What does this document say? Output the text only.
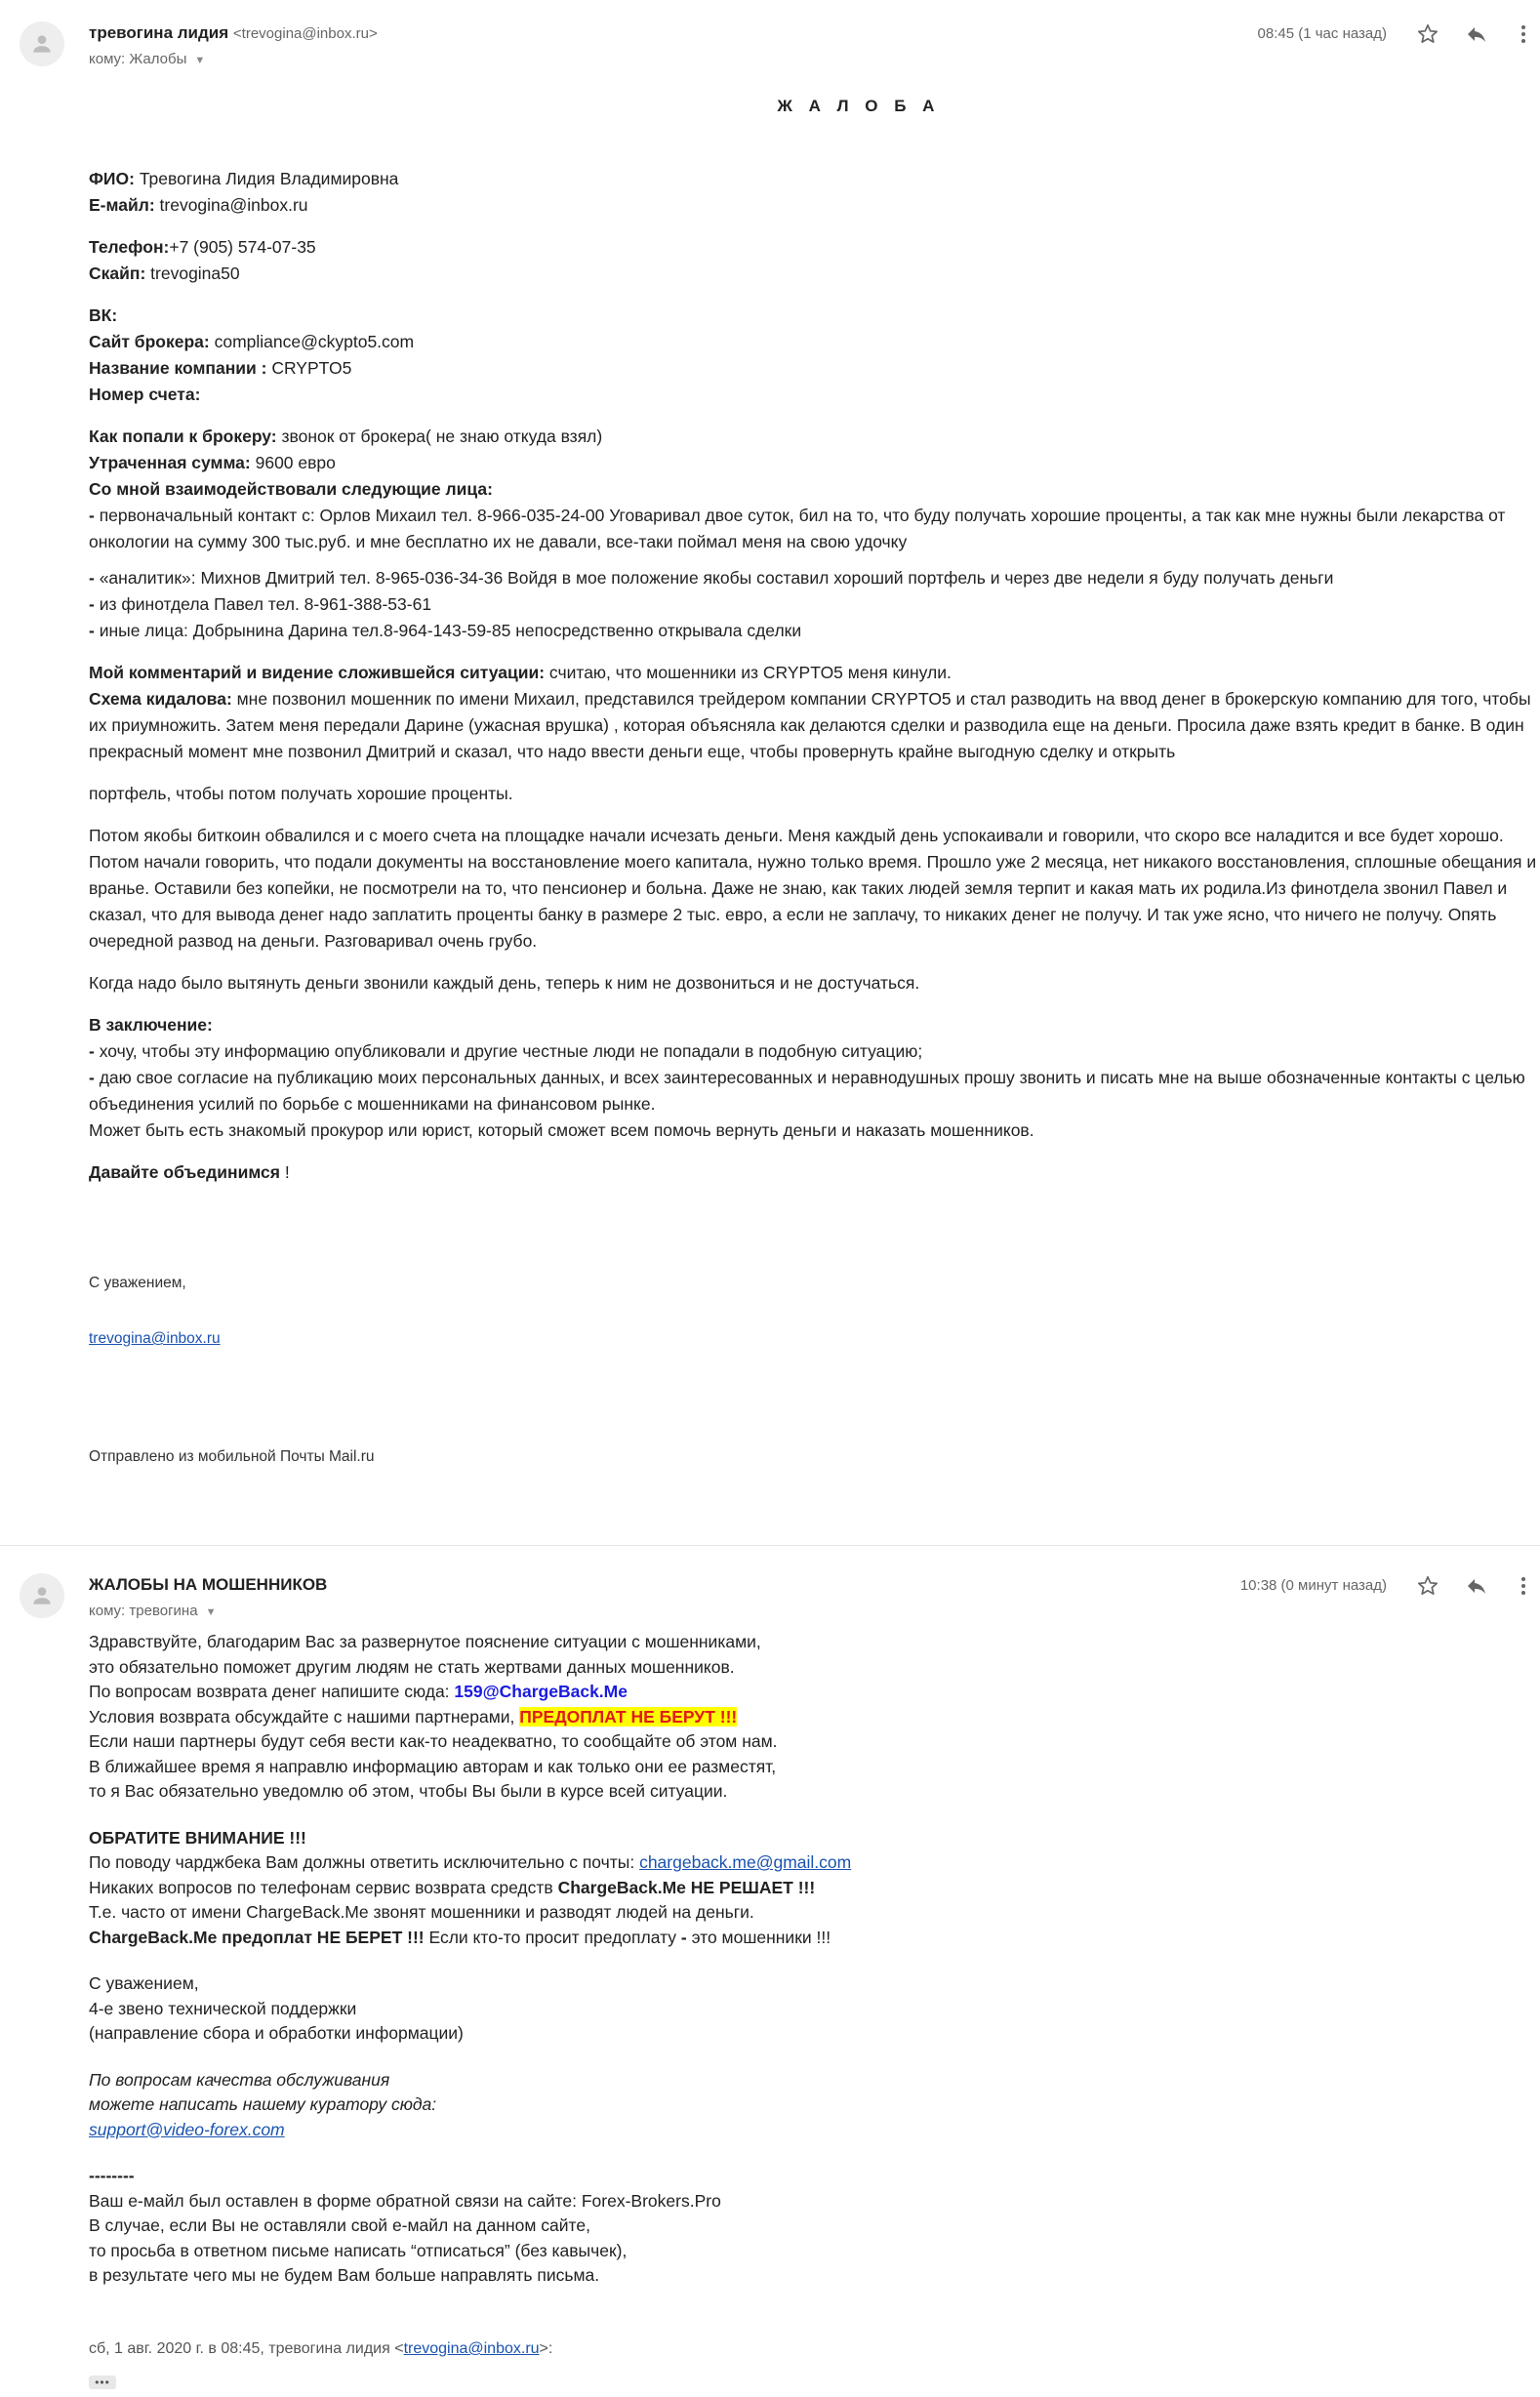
тревогина лидия <trevogina@inbox.ru>
кому: Жалобы ▼
08:45 (1 час назад)

Ж А Л О Б А

ФИО: Тревогина Лидия Владимировна

Е-майл: trevogina@inbox.ru

Телефон:+7 (905) 574-07-35

Скайп: trevogina50

ВК:

Сайт брокера: compliance@ckypto5.com

Название компании : CRYPTO5

Номер счета:

Как попали к брокеру: звонок от брокера( не знаю откуда взял)

Утраченная сумма: 9600 евро

Со мной взаимодействовали следующие лица:

- первоначальный контакт с: Орлов Михаил тел. 8-966-035-24-00 Уговаривал двое суток, бил на то, что буду получать хорошие проценты, а так как мне нужны были лекарства от онкологии на сумму 300 тыс.руб. и мне бесплатно их не давали, все-таки поймал меня на свою удочку

- «аналитик»: Михнов Дмитрий тел. 8-965-036-34-36 Войдя в мое положение якобы составил хороший портфель и через две недели я буду получать деньги

- из финотдела Павел тел. 8-961-388-53-61

- иные лица: Добрынина Дарина тел.8-964-143-59-85 непосредственно открывала сделки

Мой комментарий и видение сложившейся ситуации: считаю, что мошенники из CRYPTO5 меня кинули.

Схема кидалова: мне позвонил мошенник по имени Михаил, представился трейдером компании CRYPTO5 и стал разводить на ввод денег в брокерскую компанию для того, чтобы их приумножить. Затем меня передали Дарине (ужасная врушка) , которая объясняла как делаются сделки и разводила еще на деньги. Просила даже взять кредит в банке. В один прекрасный момент мне позвонил Дмитрий и сказал, что надо ввести деньги еще, чтобы провернуть крайне выгодную сделку и открыть

портфель, чтобы потом получать хорошие проценты.

Потом якобы биткоин обвалился и с моего счета на площадке начали исчезать деньги. Меня каждый день успокаивали и говорили, что скоро все наладится и все будет хорошо. Потом начали говорить, что подали документы на восстановление моего капитала, нужно только время. Прошло уже 2 месяца, нет никакого восстановления, сплошные обещания и вранье. Оставили без копейки, не посмотрели на то, что пенсионер и больна. Даже не знаю, как таких людей земля терпит и какая мать их родила.Из финотдела звонил Павел и сказал, что для вывода денег надо заплатить проценты банку в размере 2 тыс. евро, а если не заплачу, то никаких денег не получу. И так уже ясно, что ничего не получу. Опять очередной развод на деньги. Разговаривал очень грубо.

Когда надо было вытянуть деньги звонили каждый день, теперь к ним не дозвониться и не достучаться.

В заключение:

- хочу, чтобы эту информацию опубликовали и другие честные люди не попадали в подобную ситуацию;

- даю свое согласие на публикацию моих персональных данных, и всех заинтересованных и неравнодушных прошу звонить и писать мне на выше обозначенные контакты с целью объединения усилий по борьбе с мошенниками на финансовом рынке.

Может быть есть знакомый прокурор или юрист, который сможет всем помочь вернуть деньги и наказать мошенников.

Давайте объединимся !

С уважением,

trevogina@inbox.ru

Отправлено из мобильной Почты Mail.ru

ЖАЛОБЫ НА МОШЕННИКОВ
кому: тревогина ▼
10:38 (0 минут назад)

Здравствуйте, благодарим Вас за развернутое пояснение ситуации с мошенниками,

это обязательно поможет другим людям не стать жертвами данных мошенников.

По вопросам возврата денег напишите сюда: 159@ChargeBack.Me

Условия возврата обсуждайте с нашими партнерами, ПРЕДОПЛАТ НЕ БЕРУТ !!!

Если наши партнеры будут себя вести как-то неадекватно, то сообщайте об этом нам.

В ближайшее время я направлю информацию авторам и как только они ее разместят,

то я Вас обязательно уведомлю об этом, чтобы Вы были в курсе всей ситуации.

ОБРАТИТЕ ВНИМАНИЕ !!!

По поводу чарджбека Вам должны ответить исключительно с почты: chargeback.me@gmail.com

Никаких вопросов по телефонам сервис возврата средств ChargeBack.Me НЕ РЕШАЕТ !!!

Т.е. часто от имени ChargeBack.Me звонят мошенники и разводят людей на деньги.

ChargeBack.Me предоплат НЕ БЕРЕТ !!! Если кто-то просит предоплату - это мошенники !!!

С уважением,

4-е звено технической поддержки

(направление сбора и обработки информации)

По вопросам качества обслуживания

можете написать нашему куратору сюда:

support@video-forex.com

--------

Ваш е-майл был оставлен в форме обратной связи на сайте: Forex-Brokers.Pro

В случае, если Вы не оставляли свой е-майл на данном сайте,

то просьба в ответном письме написать “отписаться” (без кавычек),

в результате чего мы не будем Вам больше направлять письма.

сб, 1 авг. 2020 г. в 08:45, тревогина лидия <trevogina@inbox.ru>:
•••
